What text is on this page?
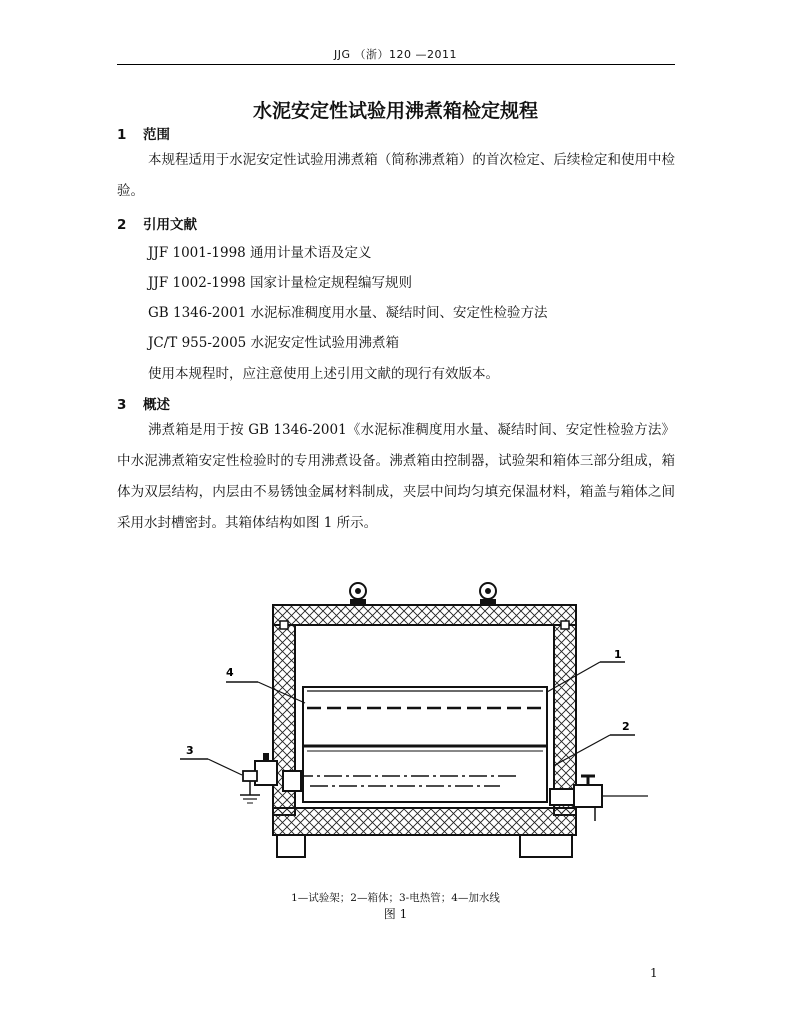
JJG （浙）120 —2011
水泥安定性试验用沸煮箱检定规程
1 范围
本规程适用于水泥安定性试验用沸煮箱（简称沸煮箱）的首次检定、后续检定和使用中检验。
2 引用文献
JJF 1001-1998 通用计量术语及定义
JJF 1002-1998 国家计量检定规程编写规则
GB 1346-2001 水泥标准稠度用水量、凝结时间、安定性检验方法
JC/T 955-2005 水泥安定性试验用沸煮箱
使用本规程时，应注意使用上述引用文献的现行有效版本。
3 概述
沸煮箱是用于按 GB 1346-2001《水泥标准稠度用水量、凝结时间、安定性检验方法》中水泥沸煮箱安定性检验时的专用沸煮设备。沸煮箱由控制器，试验架和箱体三部分组成，箱体为双层结构，内层由不易锈蚀金属材料制成，夹层中间均匀填充保温材料，箱盖与箱体之间采用水封槽密封。其箱体结构如图 1 所示。
4
3
1
2
1—试验架；2—箱体；3-电热管；4—加水线
图 1
1
